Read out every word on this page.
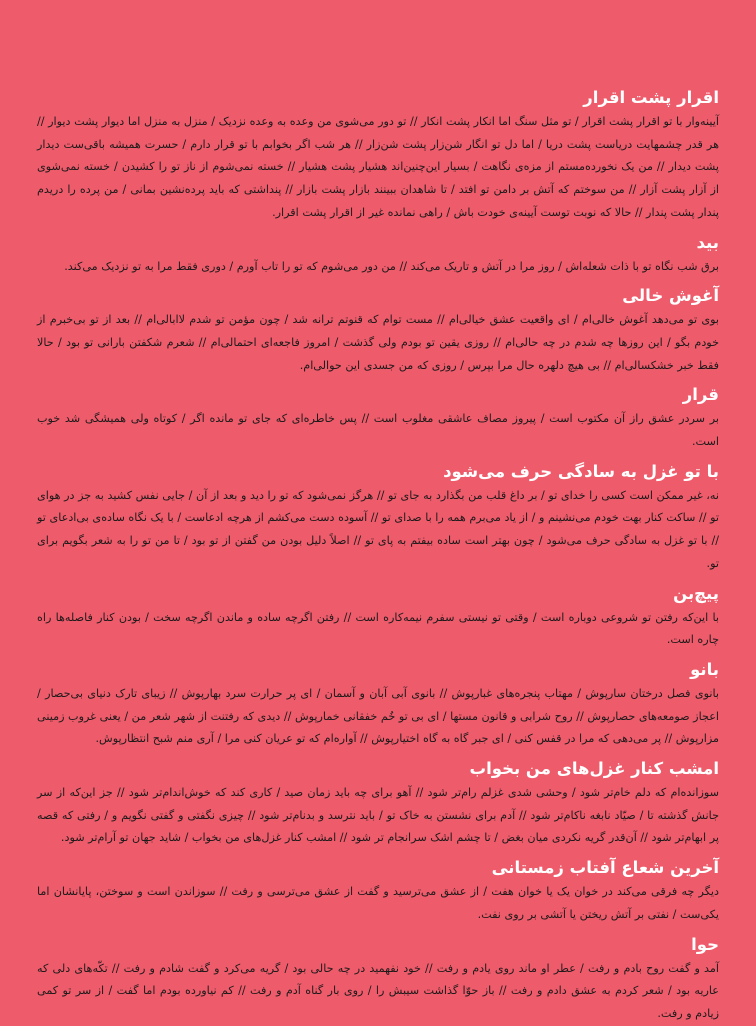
اقرار پشت اقرار

آیینه‌وار با تو اقرار پشت اقرار / تو مثل سنگ اما انکار پشت انکار // تو دور می‌شوی من وعده به وعده نزدیک / منزل به منزل اما دیوار پشت دیوار // هر قدر چشمهایت دریاست پشت دریا / اما دل تو انگار شن‌زار پشت شن‌زار // هر شب اگر بخوابم با تو قرار دارم / حسرت همیشه باقی‌ست دیدار پشت دیدار // من یک نخورده‌مستم از مزه‌ی نگاهت / بسیار این‌چنین‌اند هشیار پشت هشیار // خسته نمی‌شوم از ناز تو را کشیدن / خسته نمی‌شوی از آزار پشت آزار // من سوختم که آتش بر دامن تو افتد / تا شاهدان ببینند بازار پشت بازار // پنداشتی که باید پرده‌نشین بمانی / من پرده را دریدم پندار پشت پندار // حالا که نوبت توست آیینه‌ی خودت باش / راهی نمانده غیر از اقرار پشت اقرار.

بید

برق شب نگاه تو با ذات شعله‌اش / روز مرا در آتش و تاریک می‌کند // من دور می‌شوم که تو را تاب آورم / دوری فقط مرا به تو نزدیک می‌کند.

آغوش خالی

بوی تو می‌دهد آغوش خالی‌ام / ای واقعیت عشق خیالی‌ام // مست توام که قنوتم ترانه شد / چون مؤمن تو شدم لاابالی‌ام // بعد از تو بی‌خبرم از خودم بگو / این روزها چه شدم در چه حالی‌ام // روزی یقین تو بودم ولی گذشت / امروز فاجعه‌ای احتمالی‌ام // شعرم شکفتن بارانی تو بود / حالا فقط خبر خشکسالی‌ام // بی هیچ دلهره حال مرا بپرس / روزی که من جسدی این حوالی‌ام.

قرار

بر سردر عشق راز آن مکتوب است / پیروز مصاف عاشقی مغلوب است // پس خاطره‌ای که جای تو مانده اگر / کوتاه ولی همیشگی شد خوب است.

با تو غزل به سادگی حرف می‌شود

نه، غیر ممکن است کسی را خدای تو / بر داغ قلب من بگذارد به جای تو // هرگز نمی‌شود که تو را دید و بعد از آن / جایی نفس کشید به جز در هوای تو // ساکت کنار بهت خودم می‌نشینم و / از یاد می‌برم همه را با صدای تو // آسوده دست می‌کشم از هرچه ادعاست / با یک نگاه ساده‌ی بی‌ادعای تو // با تو غزل به سادگی حرف می‌شود / چون بهتر است ساده بیفتم به پای تو // اصلاً دلیل بودن من گفتن از تو بود / تا من تو را به شعر بگویم برای تو.

پیچ‌بن

با این‌که رفتن تو شروعی دوباره است / وقتی تو نیستی سفرم نیمه‌کاره است // رفتن اگرچه ساده و ماندن اگرچه سخت / بودن کنار فاصله‌ها راه چاره است.

بانو

بانوی فصل درختان سارپوش / مهتاب پنجره‌های غبارپوش // بانوی آبی آبان و آسمان / ای پر حرارت سرد بهارپوش // زیبای تارک دنیای بی‌حصار / اعجاز صومعه‌های حصارپوش // روح شرابی و قانون مستها / ای بی تو خُم خفقانی خمارپوش // دیدی که رفتنت از شهر شعر من / یعنی غروب زمینی مزارپوش // پر می‌دهی که مرا در قفس کنی / ای جبر گاه به گاه اختیارپوش // آواره‌ام که تو عریان کنی مرا / آری منم شبح انتظارپوش.

امشب کنار غزل‌های من بخواب

سوزانده‌ام که دلم خام‌تر شود / وحشی شدی غزلم رام‌تر شود // آهو برای چه باید زمان صید / کاری کند که خوش‌اندام‌تر شود // جز این‌که از سر جانش گذشته تا / صیّاد نابغه ناکام‌تر شود // آدم برای نشستن به خاک تو / باید نترسد و بدنام‌تر شود // چیزی نگفتی و گفتی نگویم و / رفتی که قصه پر ابهام‌تر شود // آن‌قدر گریه نکردی میان بغض / تا چشم اشک سرانجام تر شود // امشب کنار غزل‌های من بخواب / شاید جهان تو آرام‌تر شود.

آخرین شعاع آفتاب زمستانی

دیگر چه فرقی می‌کند در خوان یک یا خوان هفت / از عشق می‌ترسید و گفت از عشق می‌ترسی و رفت // سوزاندن است و سوختن، پایانشان اما یکی‌ست / نفتی بر آتش ریختن یا آتشی بر روی نفت.

حوا

آمد و گفت روح بادم و رفت / عطر او ماند روی یادم و رفت // خود نفهمید در چه حالی بود / گریه می‌کرد و گفت شادم و رفت // تکّه‌های دلی که عاریه بود / شعر کردم به عشق دادم و رفت // باز حوّا گذاشت سیبش را / روی بار گناه آدم و رفت // کم نیاورده بودم اما گفت / از سر تو کمی زیادم و رفت.
